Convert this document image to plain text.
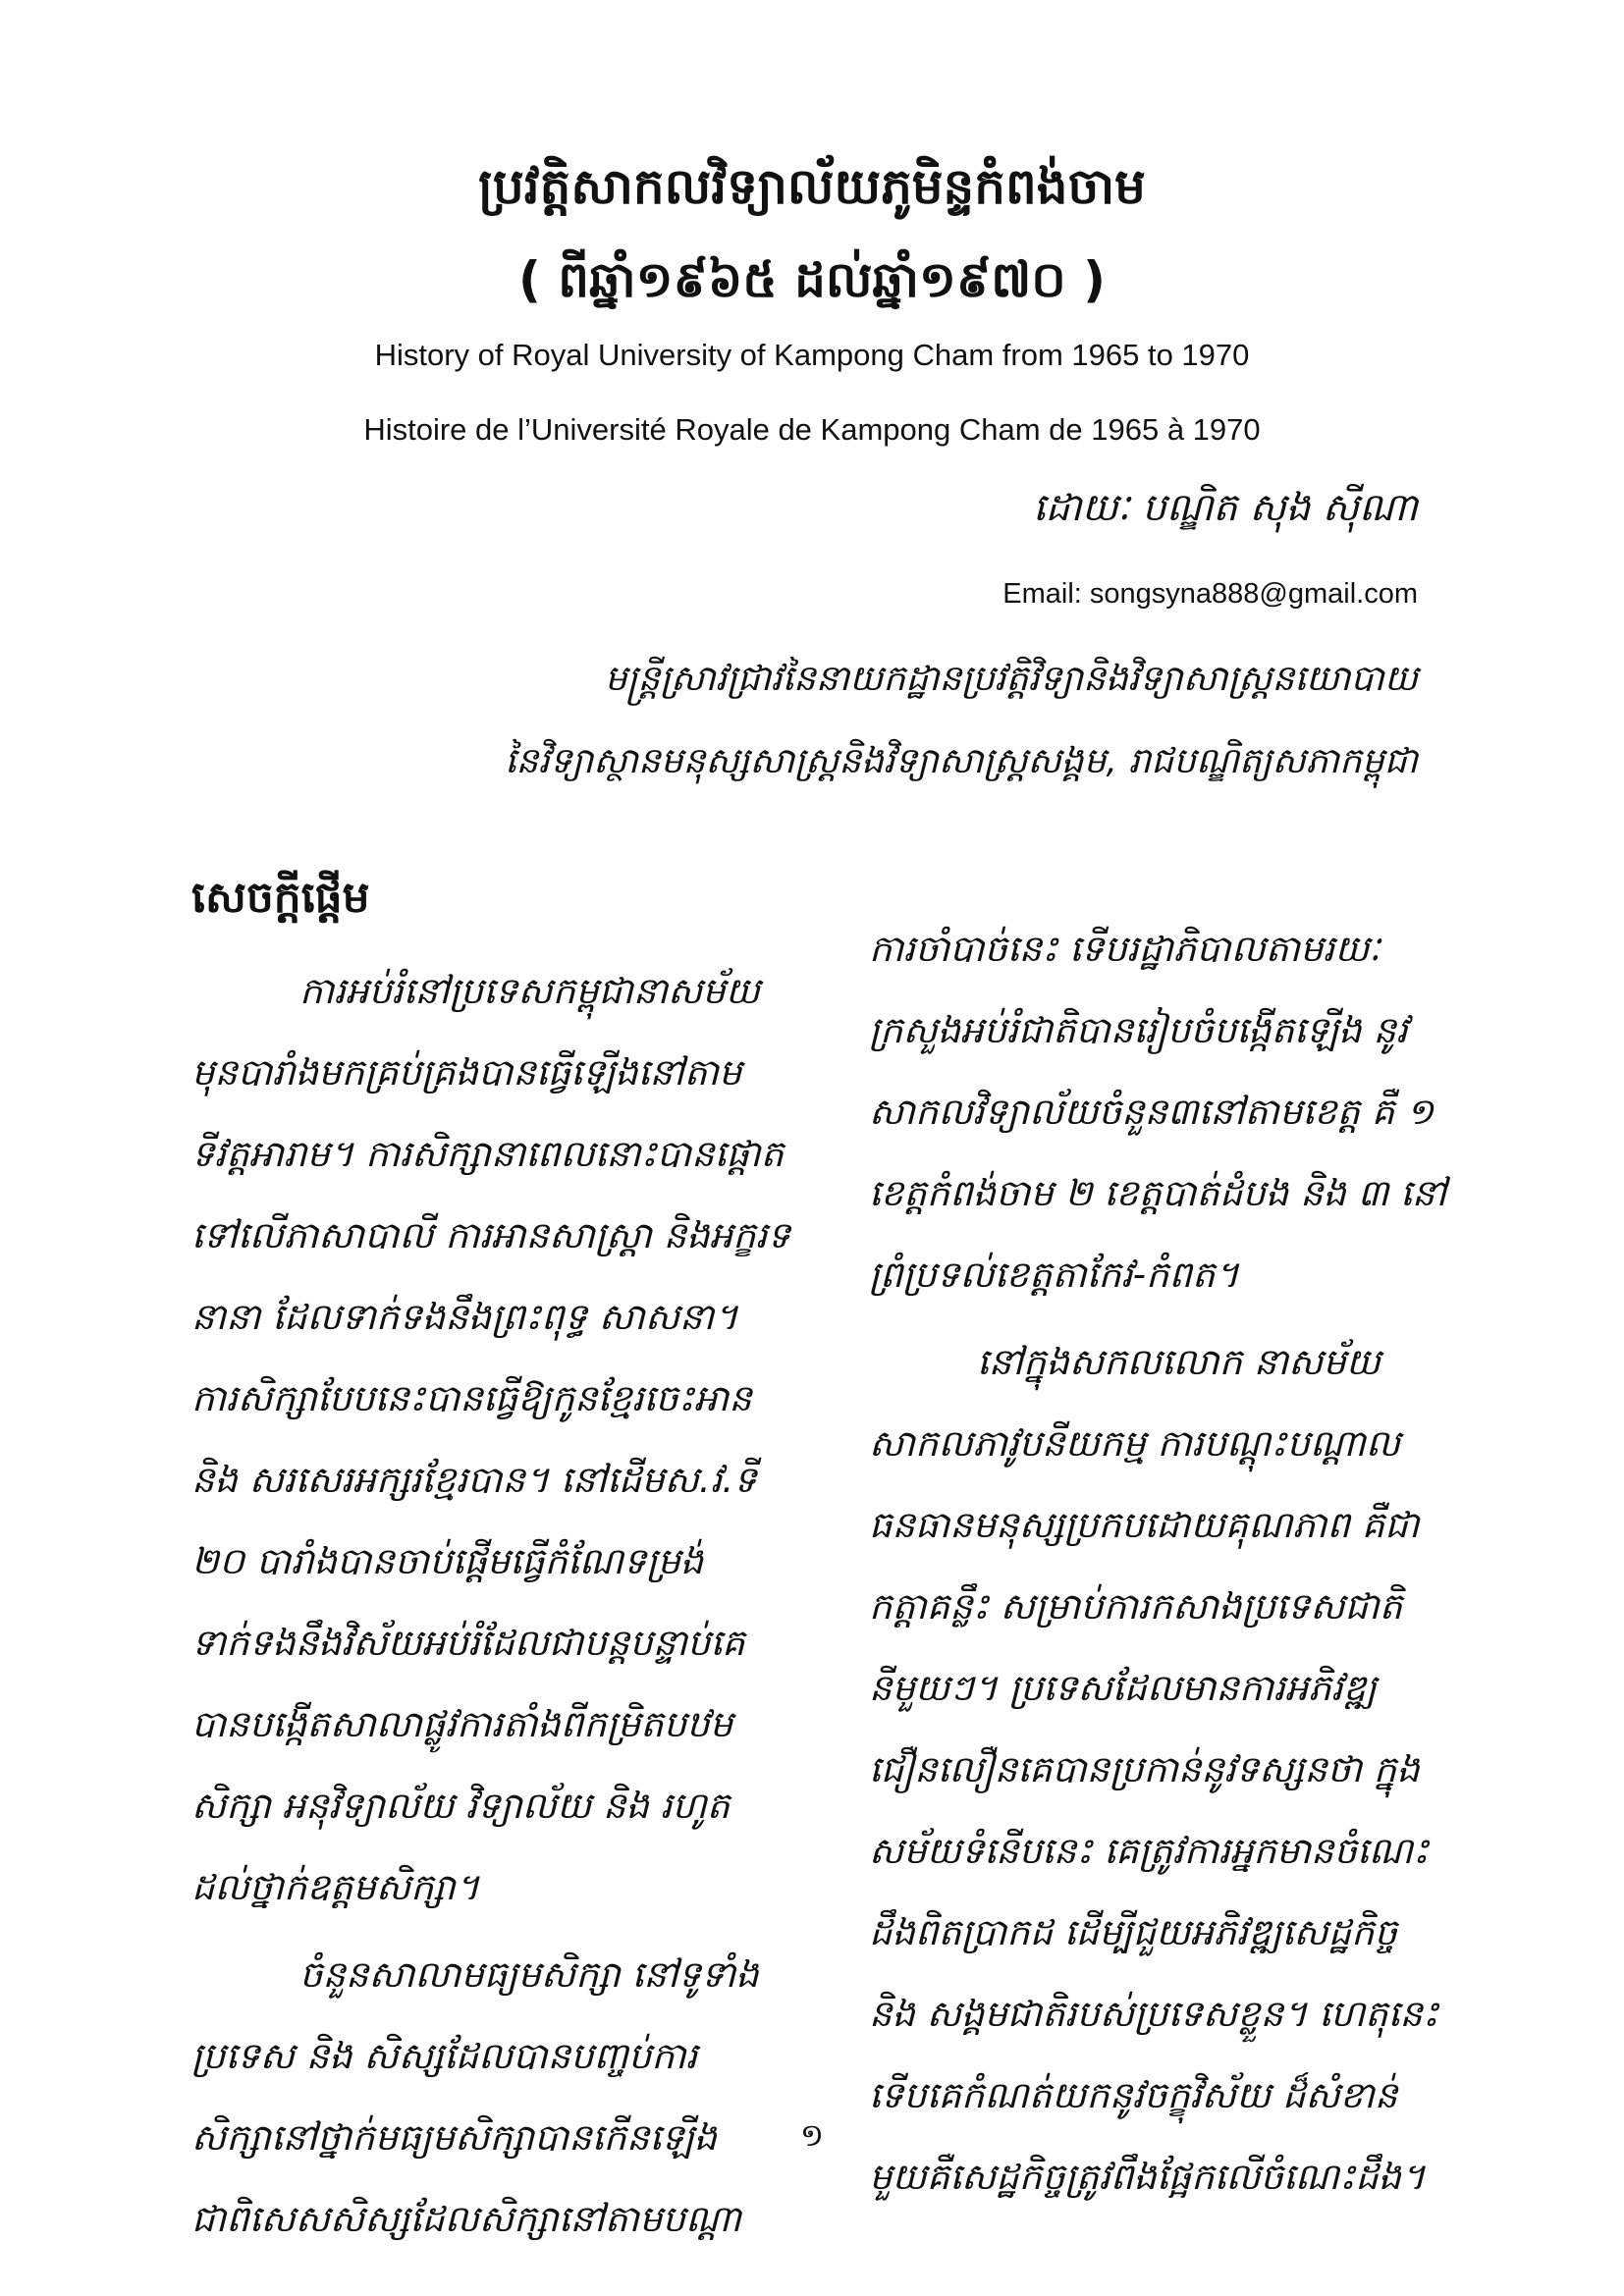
ប្រវត្តិសាកលវិទ្យាល័យភូមិន្ទកំពង់ចាម
( ពីឆ្នាំ១៩៦៥ ដល់ឆ្នាំ១៩៧០ )
History of Royal University of Kampong Cham from 1965 to 1970
Histoire de l’Université Royale de Kampong Cham de 1965 à 1970
ដោយៈ បណ្ឌិត សុង ស៊ីណា
Email: songsyna888@gmail.com
មន្ត្រីស្រាវជ្រាវនៃនាយកដ្ឋានប្រវត្តិវិទ្យានិងវិទ្យាសាស្ត្រនយោបាយ
នៃវិទ្យាស្ថានមនុស្សសាស្ត្រនិងវិទ្យាសាស្ត្រសង្គម, រាជបណ្ឌិត្យសភាកម្ពុជា
សេចក្តីផ្តើម
ការអប់រំនៅប្រទេសកម្ពុជានាសម័យ
មុនបារាំងមកគ្រប់គ្រងបានធ្វើឡើងនៅតាម
ទីវត្តអារាម។ ការសិក្សានាពេលនោះបានផ្តោត
ទៅលើភាសាបាលី ការអានសាស្ត្រា និងអក្ខរទ
នានា ដែលទាក់ទងនឹងព្រះពុទ្ធ សាសនា។
ការសិក្សាបែបនេះបានធ្វើឱ្យកូនខ្មែរចេះអាន
និង សរសេរអក្សរខ្មែរបាន។ នៅដើមស.វ.ទី
២០ បារាំងបានចាប់ផ្តើមធ្វើកំណែទម្រង់
ទាក់ទងនឹងវិស័យអប់រំដែលជាបន្តបន្ទាប់គេ
បានបង្កើតសាលាផ្លូវការតាំងពីកម្រិតបឋម
សិក្សា អនុវិទ្យាល័យ វិទ្យាល័យ និង រហូត
ដល់ថ្នាក់ឧត្តមសិក្សា។
ចំនួនសាលាមធ្យមសិក្សា នៅទូទាំង
ប្រទេស និង សិស្សដែលបានបញ្ចប់ការ
សិក្សានៅថ្នាក់មធ្យមសិក្សាបានកើនឡើង
ជាពិសេសសិស្សដែលសិក្សានៅតាមបណ្តា
ការចាំបាច់នេះ ទើបរដ្ឋាភិបាលតាមរយៈ
ក្រសួងអប់រំជាតិបានរៀបចំបង្កើតឡើង នូវ
សាកលវិទ្យាល័យចំនួន៣នៅតាមខេត្ត គឺ ១
ខេត្តកំពង់ចាម ២ ខេត្តបាត់ដំបង និង ៣ នៅ
ព្រំប្រទល់ខេត្តតាកែវ-កំពត។
នៅក្នុងសកលលោក នាសម័យ
សាកលភាវូបនីយកម្ម ការបណ្តុះបណ្តាល
ធនធានមនុស្សប្រកបដោយគុណភាព គឺជា
កត្តាគន្លឹះ សម្រាប់ការកសាងប្រទេសជាតិ
នីមួយៗ។ ប្រទេសដែលមានការអភិវឌ្ឍ
ជឿនលឿនគេបានប្រកាន់នូវទស្សនថា ក្នុង
សម័យទំនើបនេះ គេត្រូវការអ្នកមានចំណេះ
ដឹងពិតប្រាកដ ដើម្បីជួយអភិវឌ្ឍសេដ្ឋកិច្ច
និង សង្គមជាតិរបស់ប្រទេសខ្លួន។ ហេតុនេះ
ទើបគេកំណត់យកនូវចក្ខុវិស័យ ដ៏សំខាន់
មួយគឺសេដ្ឋកិច្ចត្រូវពឹងផ្អែកលើចំណេះដឹង។
១
